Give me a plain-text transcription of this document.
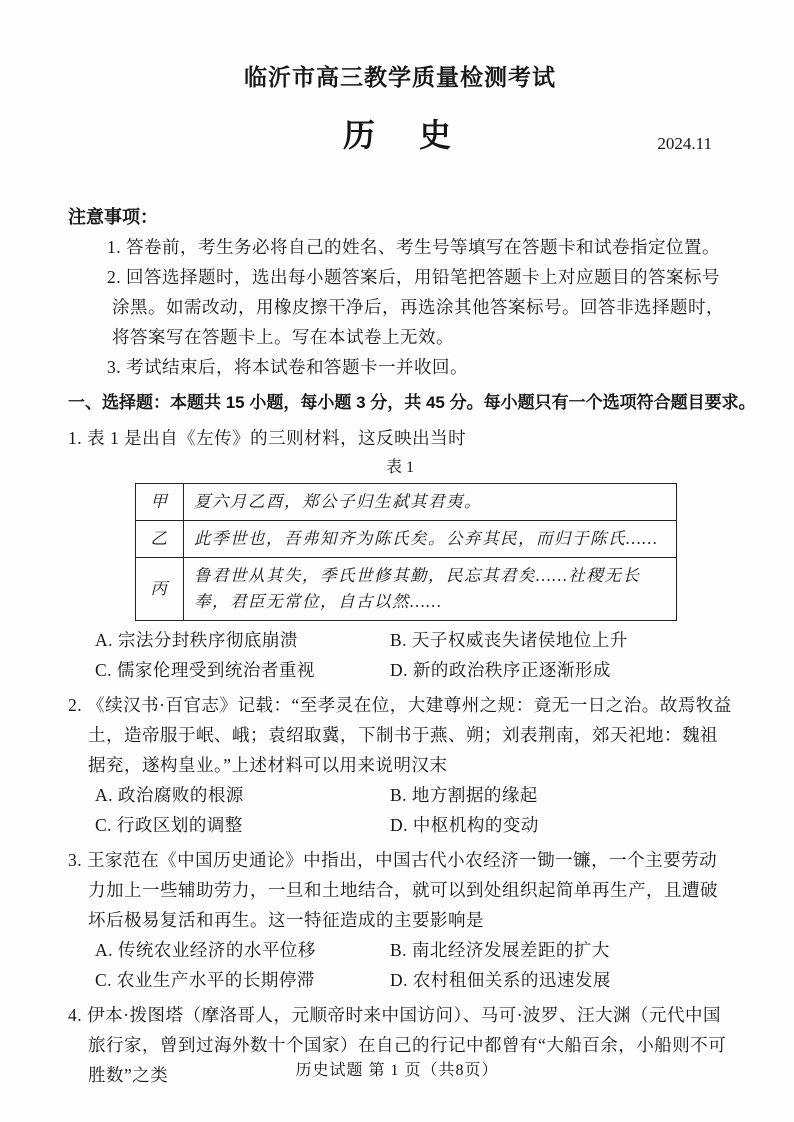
临沂市高三教学质量检测考试
历　史	2024.11
注意事项：
1. 答卷前，考生务必将自己的姓名、考生号等填写在答题卡和试卷指定位置。
2. 回答选择题时，选出每小题答案后，用铅笔把答题卡上对应题目的答案标号涂黑。如需改动，用橡皮擦干净后，再选涂其他答案标号。回答非选择题时，将答案写在答题卡上。写在本试卷上无效。
3. 考试结束后，将本试卷和答题卡一并收回。
一、选择题：本题共 15 小题，每小题 3 分，共 45 分。每小题只有一个选项符合题目要求。
1. 表 1 是出自《左传》的三则材料，这反映出当时
表 1
甲	夏六月乙酉，郑公子归生弑其君夷。
乙	此季世也，吾弗知齐为陈氏矣。公弃其民，而归于陈氏……
丙	鲁君世从其失，季氏世修其勤，民忘其君矣……社稷无长奉，君臣无常位，自古以然……
A. 宗法分封秩序彻底崩溃	B. 天子权威丧失诸侯地位上升
C. 儒家伦理受到统治者重视	D. 新的政治秩序正逐渐形成
2. 《续汉书·百官志》记载：“至孝灵在位，大建尊州之规：竟无一日之治。故焉牧益土，造帝服于岷、峨；袁绍取冀，下制书于燕、朔；刘表荆南，郊天祀地：魏祖据兖，遂构皇业。”上述材料可以用来说明汉末
A. 政治腐败的根源	B. 地方割据的缘起
C. 行政区划的调整	D. 中枢机构的变动
3. 王家范在《中国历史通论》中指出，中国古代小农经济一锄一镰，一个主要劳动力加上一些辅助劳力，一旦和土地结合，就可以到处组织起简单再生产，且遭破坏后极易复活和再生。这一特征造成的主要影响是
A. 传统农业经济的水平位移	B. 南北经济发展差距的扩大
C. 农业生产水平的长期停滞	D. 农村租佃关系的迅速发展
4. 伊本·拨图塔（摩洛哥人，元顺帝时来中国访问）、马可·波罗、汪大渊（元代中国旅行家，曾到过海外数十个国家）在自己的行记中都曾有“大船百余，小船则不可胜数”之类	历史试题 第 1 页（共8页）
